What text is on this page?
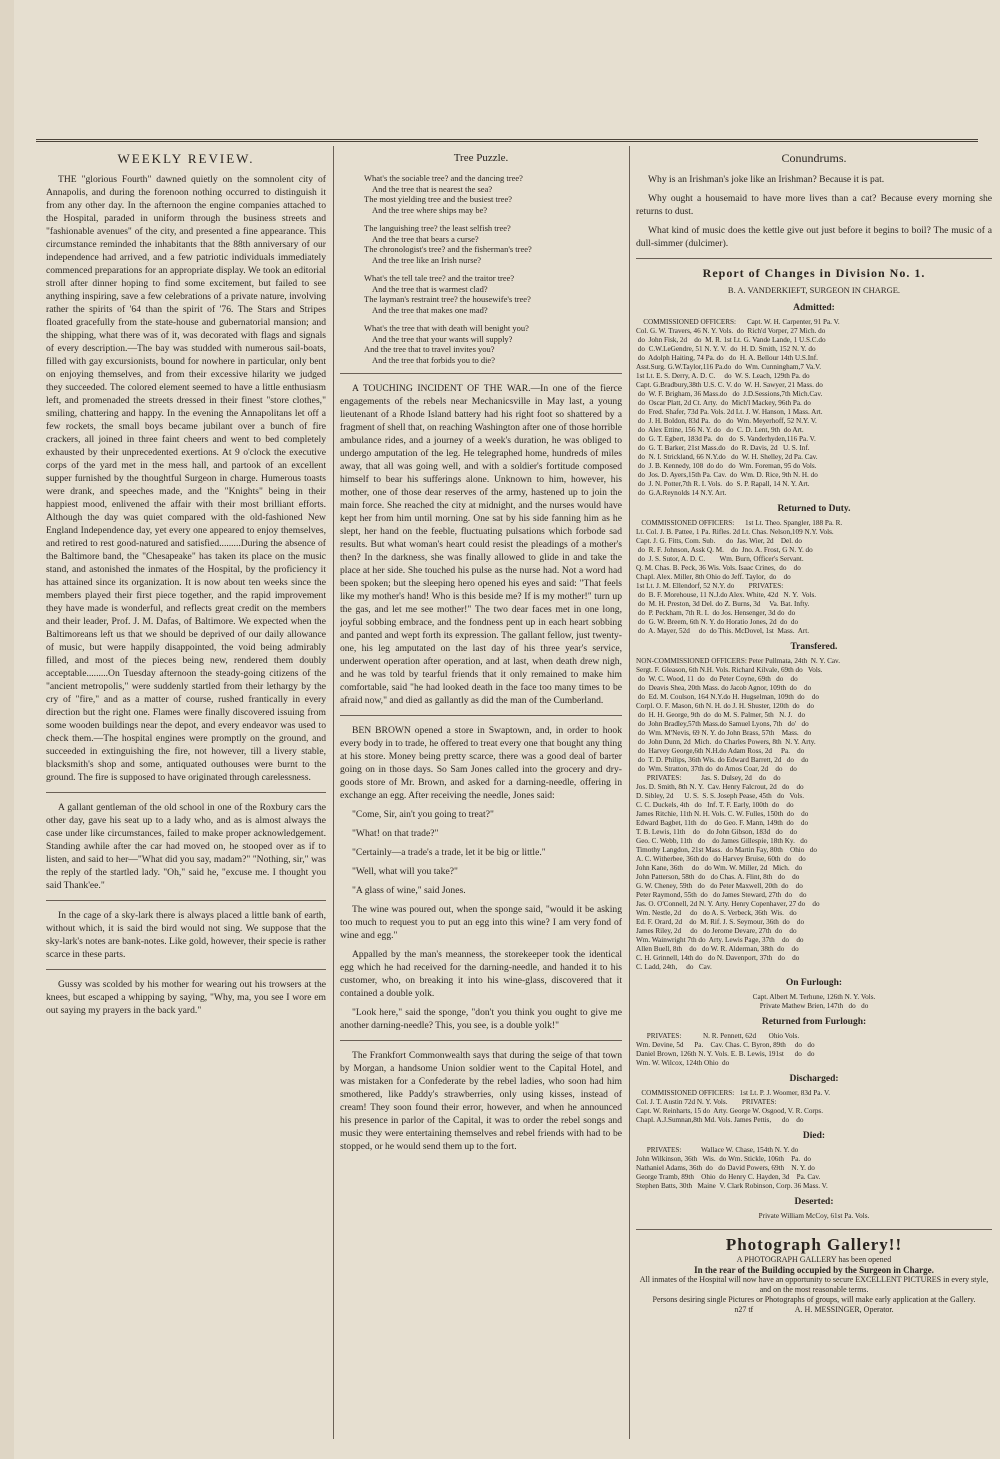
WEEKLY REVIEW.

THE "glorious Fourth" dawned quietly on the somnolent city of Annapolis, and during the forenoon nothing occurred to distinguish it from any other day. In the afternoon the engine companies attached to the Hospital, paraded in uniform through the business streets and "fashionable avenues" of the city, and presented a fine appearance. This circumstance reminded the inhabitants that the 88th anniversary of our independence had arrived, and a few patriotic individuals immediately commenced preparations for an appropriate display. We took an editorial stroll after dinner hoping to find some excitement, but failed to see anything inspiring, save a few celebrations of a private nature, involving rather the spirits of '64 than the spirit of '76. The Stars and Stripes floated gracefully from the state-house and gubernatorial mansion; and the shipping, what there was of it, was decorated with flags and signals of every description.—The bay was studded with numerous sail-boats, filled with gay excursionists, bound for nowhere in particular, only bent on enjoying themselves, and from their excessive hilarity we judged they succeeded. The colored element seemed to have a little enthusiasm left, and promenaded the streets dressed in their finest "store clothes," smiling, chattering and happy. In the evening the Annapolitans let off a few rockets, the small boys became jubilant over a bunch of fire crackers, all joined in three faint cheers and went to bed completely exhausted by their unprecedented exertions. At 9 o'clock the executive corps of the yard met in the mess hall, and partook of an excellent supper furnished by the thoughtful Surgeon in charge. Humerous toasts were drank, and speeches made, and the "Knights" being in their happiest mood, enlivened the affair with their most brilliant efforts. Although the day was quiet compared with the old-fashioned New England Independence day, yet every one appeared to enjoy themselves, and retired to rest good-natured and satisfied.........During the absence of the Baltimore band, the "Chesapeake" has taken its place on the music stand, and astonished the inmates of the Hospital, by the proficiency it has attained since its organization. It is now about ten weeks since the members played their first piece together, and the rapid improvement they have made is wonderful, and reflects great credit on the members and their leader, Prof. J. M. Dafas, of Baltimore. We expected when the Baltimoreans left us that we should be deprived of our daily allowance of music, but were happily disappointed, the void being admirably filled, and most of the pieces being new, rendered them doubly acceptable.........On Tuesday afternoon the steady-going citizens of the "ancient metropolis," were suddenly startled from their lethargy by the cry of "fire," and as a matter of course, rushed frantically in every direction but the right one. Flames were finally discovered issuing from some wooden buildings near the depot, and every endeavor was used to check them.—The hospital engines were promptly on the ground, and succeeded in extinguishing the fire, not however, till a livery stable, blacksmith's shop and some, antiquated outhouses were burnt to the ground. The fire is supposed to have originated through carelessness.

A gallant gentleman of the old school in one of the Roxbury cars the other day, gave his seat up to a lady who, and as is almost always the case under like circumstances, failed to make proper acknowledgement. Standing awhile after the car had moved on, he stooped over as if to listen, and said to her—"What did you say, madam?" "Nothing, sir," was the reply of the startled lady. "Oh," said he, "excuse me. I thought you said Thank'ee."

In the cage of a sky-lark there is always placed a little bank of earth, without which, it is said the bird would not sing. We suppose that the sky-lark's notes are bank-notes. Like gold, however, their specie is rather scarce in these parts.

Gussy was scolded by his mother for wearing out his trowsers at the knees, but escaped a whipping by saying, "Why, ma, you see I wore em out saying my prayers in the back yard."

Tree Puzzle.
What's the sociable tree? and the dancing tree?
And the tree that is nearest the sea?
The most yielding tree and the busiest tree?
And the tree where ships may be?
The languishing tree? the least selfish tree?
And the tree that bears a curse?
The chronologist's tree? and the fisherman's tree?
And the tree like an Irish nurse?
What's the tell tale tree? and the traitor tree?
And the tree that is warmest clad?
The layman's restraint tree? the housewife's tree?
And the tree that makes one mad?
What's the tree that with death will benight you?
And the tree that your wants will supply?
And the tree that to travel invites you?
And the tree that forbids you to die?

A TOUCHING INCIDENT OF THE WAR.—In one of the fierce engagements of the rebels near Mechanicsville in May last, a young lieutenant of a Rhode Island battery had his right foot so shattered by a fragment of shell that, on reaching Washington after one of those horrible ambulance rides, and a journey of a week's duration, he was obliged to undergo amputation of the leg. He telegraphed home, hundreds of miles away, that all was going well, and with a soldier's fortitude composed himself to bear his sufferings alone. Unknown to him, however, his mother, one of those dear reserves of the army, hastened up to join the main force. She reached the city at midnight, and the nurses would have kept her from him until morning. One sat by his side fanning him as he slept, her hand on the feeble, fluctuating pulsations which forbode sad results. But what woman's heart could resist the pleadings of a mother's then? In the darkness, she was finally allowed to glide in and take the place at her side. She touched his pulse as the nurse had. Not a word had been spoken; but the sleeping hero opened his eyes and said: "That feels like my mother's hand! Who is this beside me? If is my mother!" turn up the gas, and let me see mother!" The two dear faces met in one long, joyful sobbing embrace, and the fondness pent up in each heart sobbing and panted and wept forth its expression. The gallant fellow, just twenty-one, his leg amputated on the last day of his three year's service, underwent operation after operation, and at last, when death drew nigh, and he was told by tearful friends that it only remained to make him comfortable, said "he had looked death in the face too many times to be afraid now," and died as gallantly as did the man of the Cumberland.

BEN BROWN opened a store in Swaptown, and, in order to hook every body in to trade, he offered to treat every one that bought any thing at his store. Money being pretty scarce, there was a good deal of barter going on in those days. So Sam Jones called into the grocery and dry-goods store of Mr. Brown, and asked for a darning-needle, offering in exchange an egg. After receiving the needle, Jones said:

"Come, Sir, ain't you going to treat?"

"What! on that trade?"

"Certainly—a trade's a trade, let it be big or little."

"Well, what will you take?"

"A glass of wine," said Jones.

The wine was poured out, when the sponge said, "would it be asking too much to request you to put an egg into this wine? I am very fond of wine and egg."

Appalled by the man's meanness, the storekeeper took the identical egg which he had received for the darning-needle, and handed it to his customer, who, on breaking it into his wine-glass, discovered that it contained a double yolk.

"Look here," said the sponge, "don't you think you ought to give me another darning-needle? This, you see, is a double yolk!"

The Frankfort Commonwealth says that during the seige of that town by Morgan, a handsome Union soldier went to the Capital Hotel, and was mistaken for a Confederate by the rebel ladies, who soon had him smothered, like Paddy's strawberries, only using kisses, instead of cream! They soon found their error, however, and when he announced his presence in parlor of the Capital, it was to order the rebel songs and music they were entertaining themselves and rebel friends with had to be stopped, or he would send them up to the fort.

Conundrums.

Why is an Irishman's joke like an Irishman? Because it is pat.

Why ought a housemaid to have more lives than a cat? Because every morning she returns to dust.

What kind of music does the kettle give out just before it begins to boil? The music of a dull-simmer (dulcimer).

Report of Changes in Division No. 1.
B. A. VANDERKIEFT, SURGEON IN CHARGE.
Admitted:
COMMISSIONED OFFICERS:      Capt. W. H. Carpenter, 91 Pa. V.
Col. G. W. Travers, 46 N. Y. Vols.  do  Rich'd Vorper, 27 Mich. do
do  John Fisk, 2d    do  M. R. 1st Lt. G. Vande Lande, 1 U.S.C.do
do  C.W.LeGendre, 51 N. Y. V.  do  H. D. Smith, 152 N. Y. do
do  Adolph Haiting, 74 Pa. do   do  H. A. Bellour 14th U.S.Inf.
Asst.Surg. G.W.Taylor,116 Pa.do  do  Wm. Cunningham,7 Va.V.
1st Lt. E. S. Derry, A. D. C.     do  W. S. Leach, 129th Pa. do
Capt. G.Bradbury,38th U.S. C. V. do  W. H. Sawyer, 21 Mass. do
do  W. F. Brigham, 36 Mass.do   do  J.D.Sessions,7th Mich.Cav.
do  Oscar Platt, 2d Ct. Arty.  do  Mich'l Mackey, 96th Pa. do
do  Fred. Shafer, 73d Pa. Vols. 2d Lt. J. W. Hanson, 1 Mass. Art.
do  J. H. Boldon, 83d Pa.  do   do  Wm. Meyerhoff, 52 N.Y. V.
do  Alex Ettine, 156 N. Y. do   do  C. D. Lent, 9th  do Art.
do  G. T. Egbert, 183d Pa.  do   do  S. Vanderhyden,116 Pa. V.
do  G. T. Barker, 21st Mass.do   do  R. Davis, 2d   U. S. Inf.
do  N. I. Strickland, 66 N.Y.do   do  W. H. Shelley, 2d Pa. Cav.
do  J. B. Kennedy, 108  do do   do  Wm. Foreman, 95 do Vols.
do  Jos. D. Ayers,15th Pa. Cav.  do  Wm. D. Rice, 9th N. H. do
do  J. N. Potter,7th R. I. Vols.  do  S. P. Rapall, 14 N. Y. Art.
do  G.A.Reynolds 14 N.Y. Art.
Returned to Duty.
COMMISSIONED OFFICERS:      1st Lt. Theo. Spangler, 188 Pa. R.
Lt. Col. J. B. Pattee, 1 Pa. Rifles. 2d Lt. Chas. Nelson,109 N.Y. Vols.
Capt. J. G. Fitts, Com. Sub.      do  Jas. Wier, 2d    Del. do
do  R. F. Johnson, Assk Q. M.    do  Jno. A. Frost, G N. Y. do
do  J. S. Sutor, A. D. C.        Wm. Burn, Officer's Servant.
Q. M. Chas. B. Peck, 36 Wis. Vols. Isaac Crines,  do    do
Chapl. Alex. Miller, 8th Ohio do Jeff. Taylor,  do    do
1st Lt. J. M. Ellendorf, 52 N.Y. do        PRIVATES:
do  B. F. Morehouse, 11 N.J.do Alex. White, 42d   N. Y.  Vols.
do  M. H. Preston, 3d Del. do Z. Burns, 3d     Va. Bat. Infty.
do  P. Peckham, 7th R. I.  do Jos. Hensenger, 3d do  do
do  G. W. Breem, 6th N. Y. do Horatio Jones, 2d  do  do
do  A. Mayer, 52d     do  do This. McDovel, 1st  Mass.  Art.
Transfered.
NON-COMMISSIONED OFFICERS: Peter Pullmata, 24th  N. Y. Cav.
Sergt. F. Gleason, 6th N.H. Vols. Richard Kilvale, 69th do   Vols.
do  W. C. Wood, 11  do   do Peter Coyne, 69th   do    do
do  Deavis Shea, 20th Mass. do Jacob Agnor, 109th  do    do
do  Ed. M. Coulson, 164 N.Y.do H. Hugselman, 109th  do    do
Corpl. O. F. Mason, 6th N. H. do J. H. Shuster, 120th  do    do
do  H. H. George, 9th  do  do M. S. Palmer, 5th   N. J.   do
do  John Bradley,57th Mass.do Samuel Lyons, 7th   do'   do
do  Wm. M'Nevis, 69 N. Y. do John Brass, 57th    Mass.   do
do  John Dunn, 2d  Mich.  do Charles Powers, 8th  N. Y. Arty.
do  Harvey George,6th N.H.do Adam Ross, 2d     Pa.    do
do  T. D. Philips, 36th Wis. do Edward Barrett, 2d   do    do
do  Wm. Stratton, 37th do  do Amos Coar, 2d    do    do
PRIVATES:           Jas. S. Dulsey, 2d    do    do
Jos. D. Smith, 8th N. Y.  Cav. Henry Falcrout, 2d   do    do
D. Sibley, 2d      U. S.  S. S. Joseph Pease, 45th   do   Vols.
C. C. Duckels, 4th   do   Inf. T. F. Early, 100th  do    do
James Ritchie, 11th N. H. Vols. C. W. Fulles, 150th  do    do
Edward Bagbet, 11th  do    do Geo. F. Mann, 149th  do    do
T. B. Lewis, 11th    do    do John Gibson, 183d   do    do
Geo. C. Webb, 11th   do    do James Gillespie, 18th Ky.   do
Timothy Langdon, 21st Mass.  do Martin Fay, 80th    Ohio   do
A. C. Witherbee, 36th do   do Harvey Bruise, 60th  do    do
John Kane, 36th     do   do Wm. W. Miller, 2d   Mich.   do
John Patterson, 58th  do   do Chas. A. Flint, 8th   do    do
G. W. Cheney, 59th   do   do Peter Maxwell, 20th  do    do
Peter Raymond, 55th  do   do James Steward, 27th  do    do
Jas. O. O'Connell, 2d N. Y. Arty. Henry Copenhaver, 27 do    do
Wm. Nestle, 2d     do   do A. S. Verbeck, 36th  Wis.   do
Ed. F. Orard, 2d    do  M. Rif. J. S. Seymour, 36th  do    do
James Riley, 2d     do   do Jerome Devare, 27th  do    do
Wm. Wainwright 7th do  Arty. Lewis Page, 37th    do    do
Allen Buell, 8th    do   do W. R. Alderman, 38th  do    do
C. H. Grinnell, 14th do   do N. Davenport, 37th   do    do
C. Ladd, 24th,     do   Cav.
On Furlough:
Capt. Albert M. Terhune, 126th N. Y. Vols.
Private Mathew Brien, 147th   do   do
Returned from Furlough:
PRIVATES:            N. R. Pennett, 62d       Ohio Vols.
Wm. Devine, 5d      Pa.    Cav. Chas. C. Byron, 89th     do   do
Daniel Brown, 126th N. Y. Vols. E. B. Lewis, 191st      do   do
Wm. W. Wilcox, 124th Ohio  do
Discharged:
COMMISSIONED OFFICERS:   1st Lt. P. J. Woomer, 83d Pa. V.
Col. J. T. Austin 72d N. Y. Vols.        PRIVATES:
Capt. W. Reinharts, 15 do  Arty. George W. Osgood, V. R. Corps.
Chapl. A.J.Sumnan,8th Md. Vols. James Pettis,      do    do
Died:
PRIVATES:           Wallace W. Chase, 154th N. Y. do
John Wilkinson, 36th   Wis.  do Wm. Stickle, 106th    Pa.  do
Nathaniel Adams, 36th  do   do David Powers, 69th    N. Y. do
George Tramb, 89th    Ohio  do Henry C. Hayden, 3d    Pa. Cav.
Stephen Batts, 30th   Maine  V. Clark Robinson, Corp. 36 Mass. V.
Deserted:
Private William McCoy, 61st Pa. Vols.
Photograph Gallery!!
A PHOTOGRAPH GALLERY has been opened
In the rear of the Building occupied by the Surgeon in Charge.
All inmates of the Hospital will now have an opportunity to secure EXCELLENT PICTURES in every style, and on the most reasonable terms.
Persons desiring single Pictures or Photographs of groups, will make early application at the Gallery.
n27 tf                     A. H. MESSINGER, Operator.
